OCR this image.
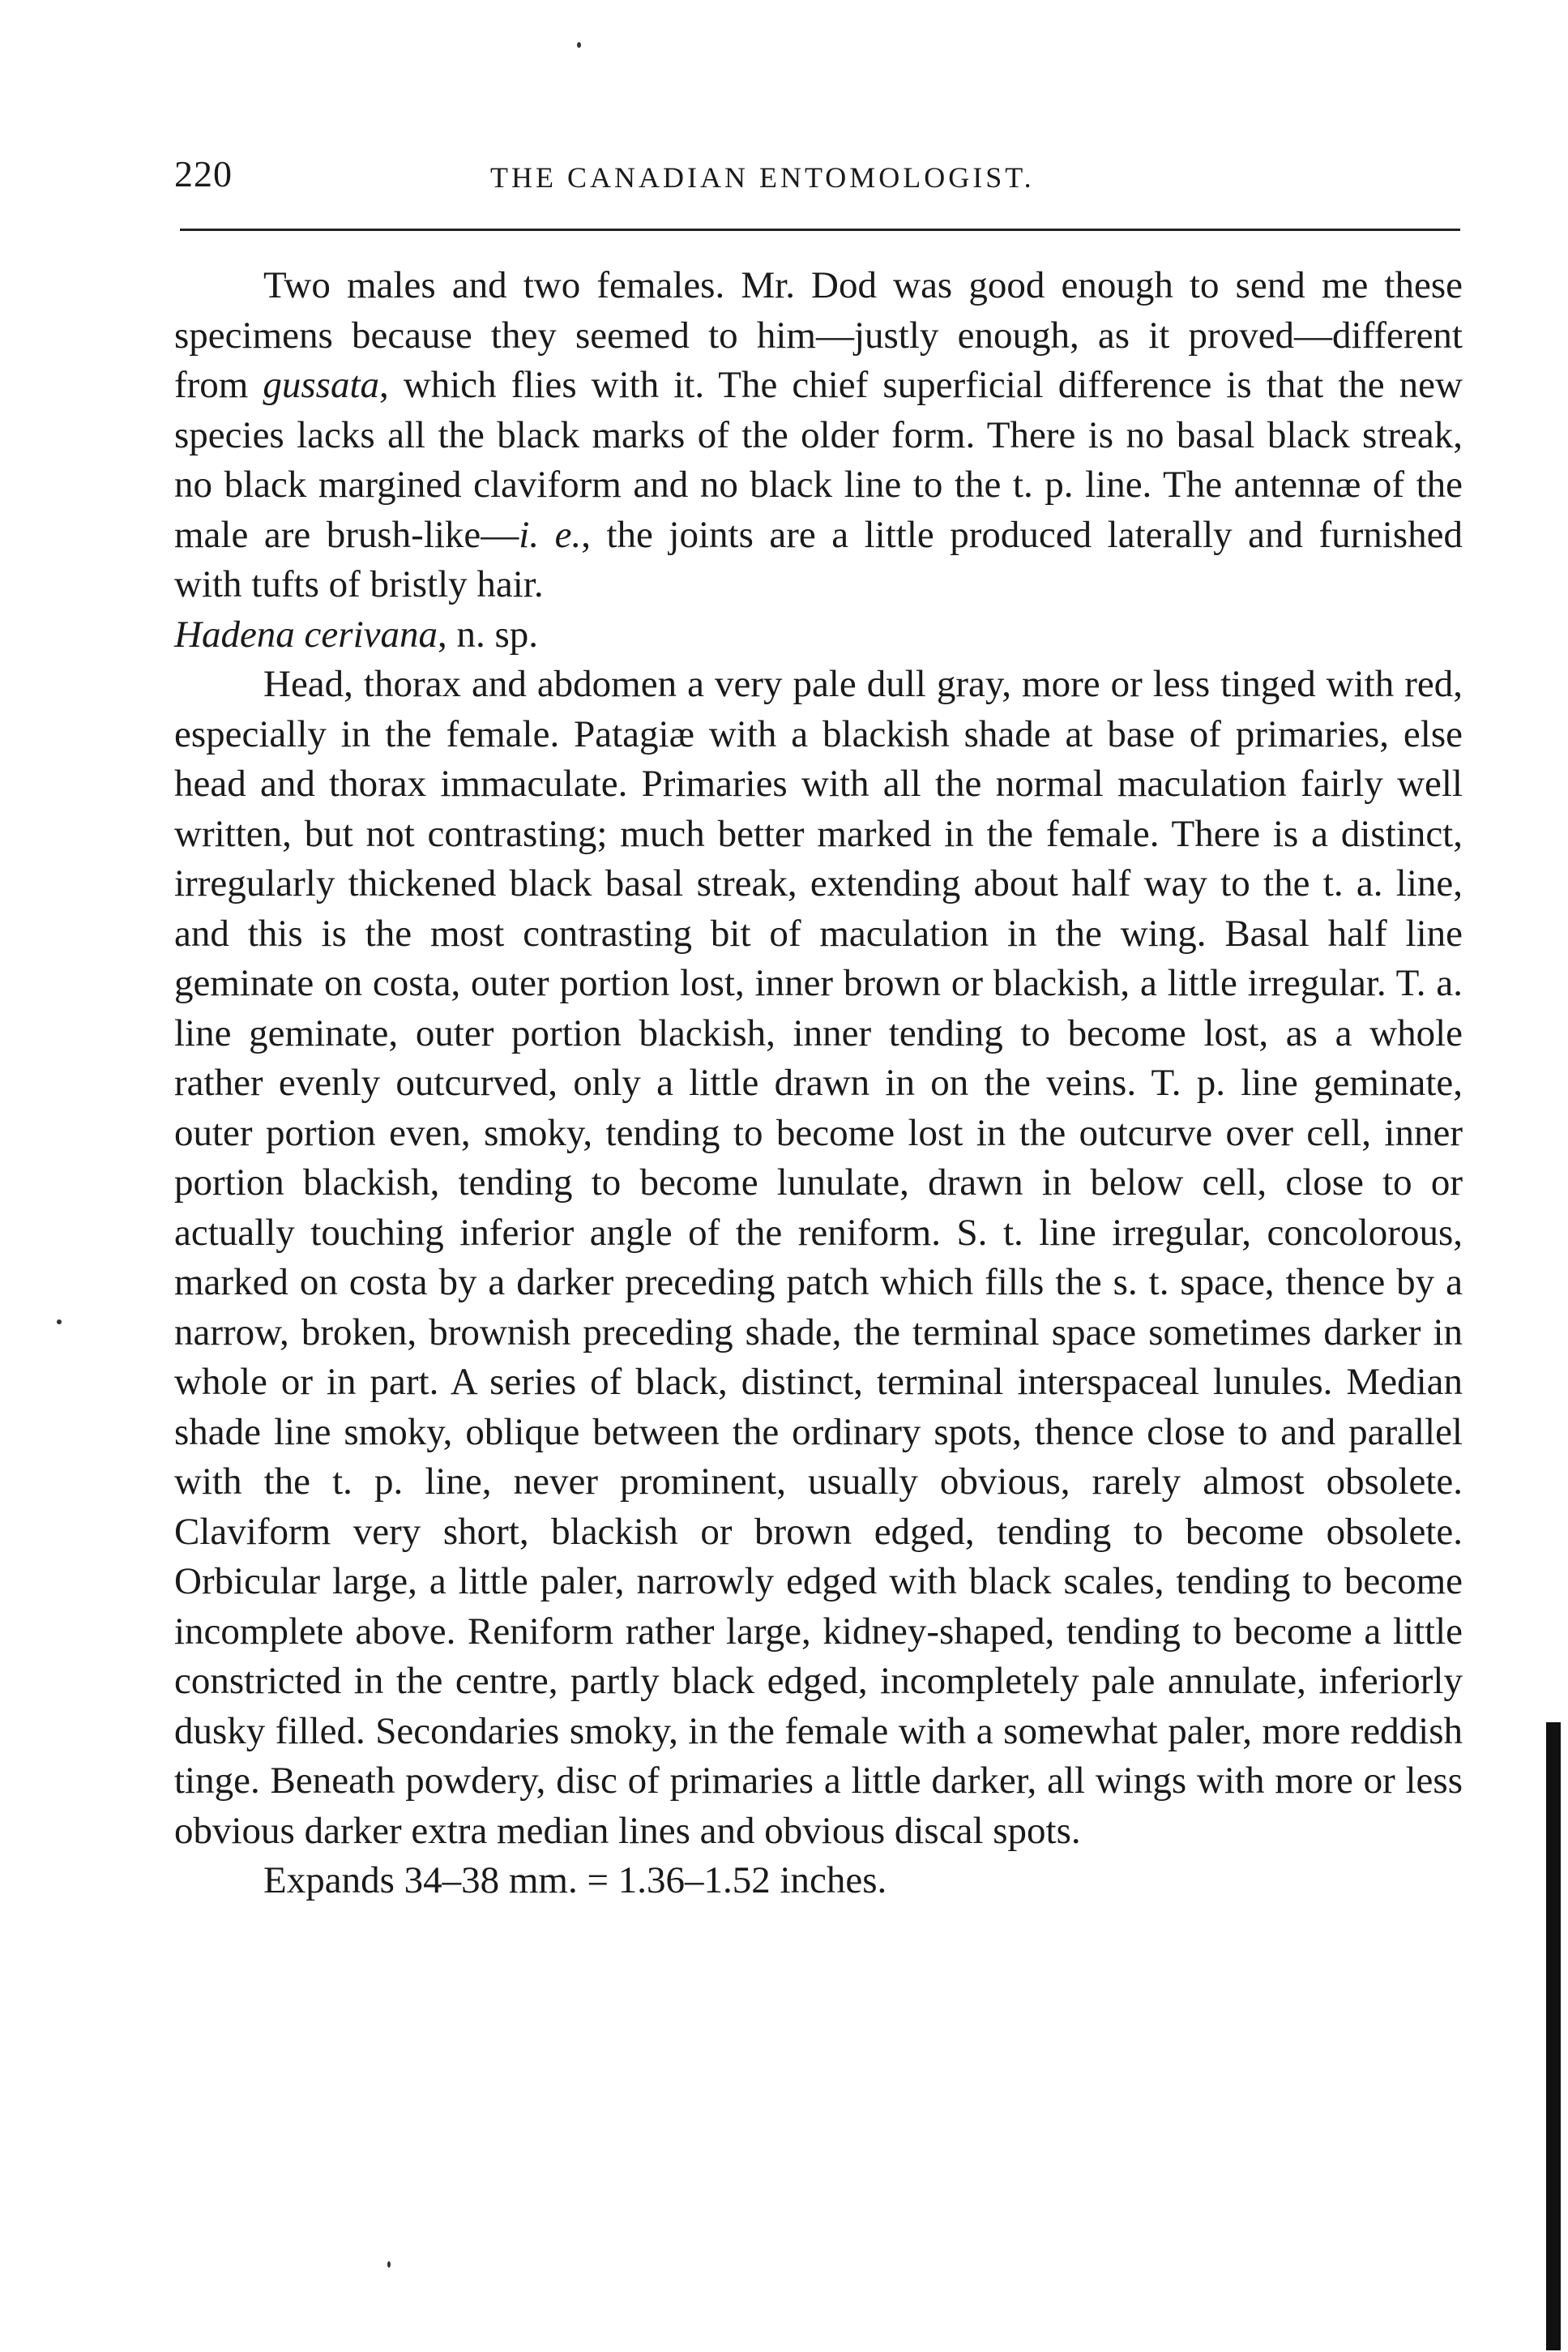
220	THE CANADIAN ENTOMOLOGIST.

Two males and two females. Mr. Dod was good enough to send me these specimens because they seemed to him—justly enough, as it proved—different from gussata, which flies with it. The chief superficial difference is that the new species lacks all the black marks of the older form. There is no basal black streak, no black margined claviform and no black line to the t. p. line. The antennæ of the male are brush-like—i. e., the joints are a little produced laterally and furnished with tufts of bristly hair.

Hadena cerivana, n. sp.

Head, thorax and abdomen a very pale dull gray, more or less tinged with red, especially in the female. Patagiæ with a blackish shade at base of primaries, else head and thorax immaculate. Primaries with all the normal maculation fairly well written, but not contrasting; much better marked in the female. There is a distinct, irregularly thickened black basal streak, extending about half way to the t. a. line, and this is the most contrasting bit of maculation in the wing. Basal half line geminate on costa, outer portion lost, inner brown or blackish, a little irregular. T. a. line geminate, outer portion blackish, inner tending to become lost, as a whole rather evenly outcurved, only a little drawn in on the veins. T. p. line geminate, outer portion even, smoky, tending to become lost in the outcurve over cell, inner portion blackish, tending to become lunulate, drawn in below cell, close to or actually touching inferior angle of the reniform. S. t. line irregular, concolorous, marked on costa by a darker preceding patch which fills the s. t. space, thence by a narrow, broken, brownish preceding shade, the terminal space sometimes darker in whole or in part. A series of black, distinct, terminal interspaceal lunules. Median shade line smoky, oblique between the ordinary spots, thence close to and parallel with the t. p. line, never prominent, usually obvious, rarely almost obsolete. Claviform very short, blackish or brown edged, tending to become obsolete. Orbicular large, a little paler, narrowly edged with black scales, tending to become incomplete above. Reniform rather large, kidney-shaped, tending to become a little constricted in the centre, partly black edged, incompletely pale annulate, inferiorly dusky filled. Secondaries smoky, in the female with a somewhat paler, more reddish tinge. Beneath powdery, disc of primaries a little darker, all wings with more or less obvious darker extra median lines and obvious discal spots.

Expands 34–38 mm. = 1.36–1.52 inches.
